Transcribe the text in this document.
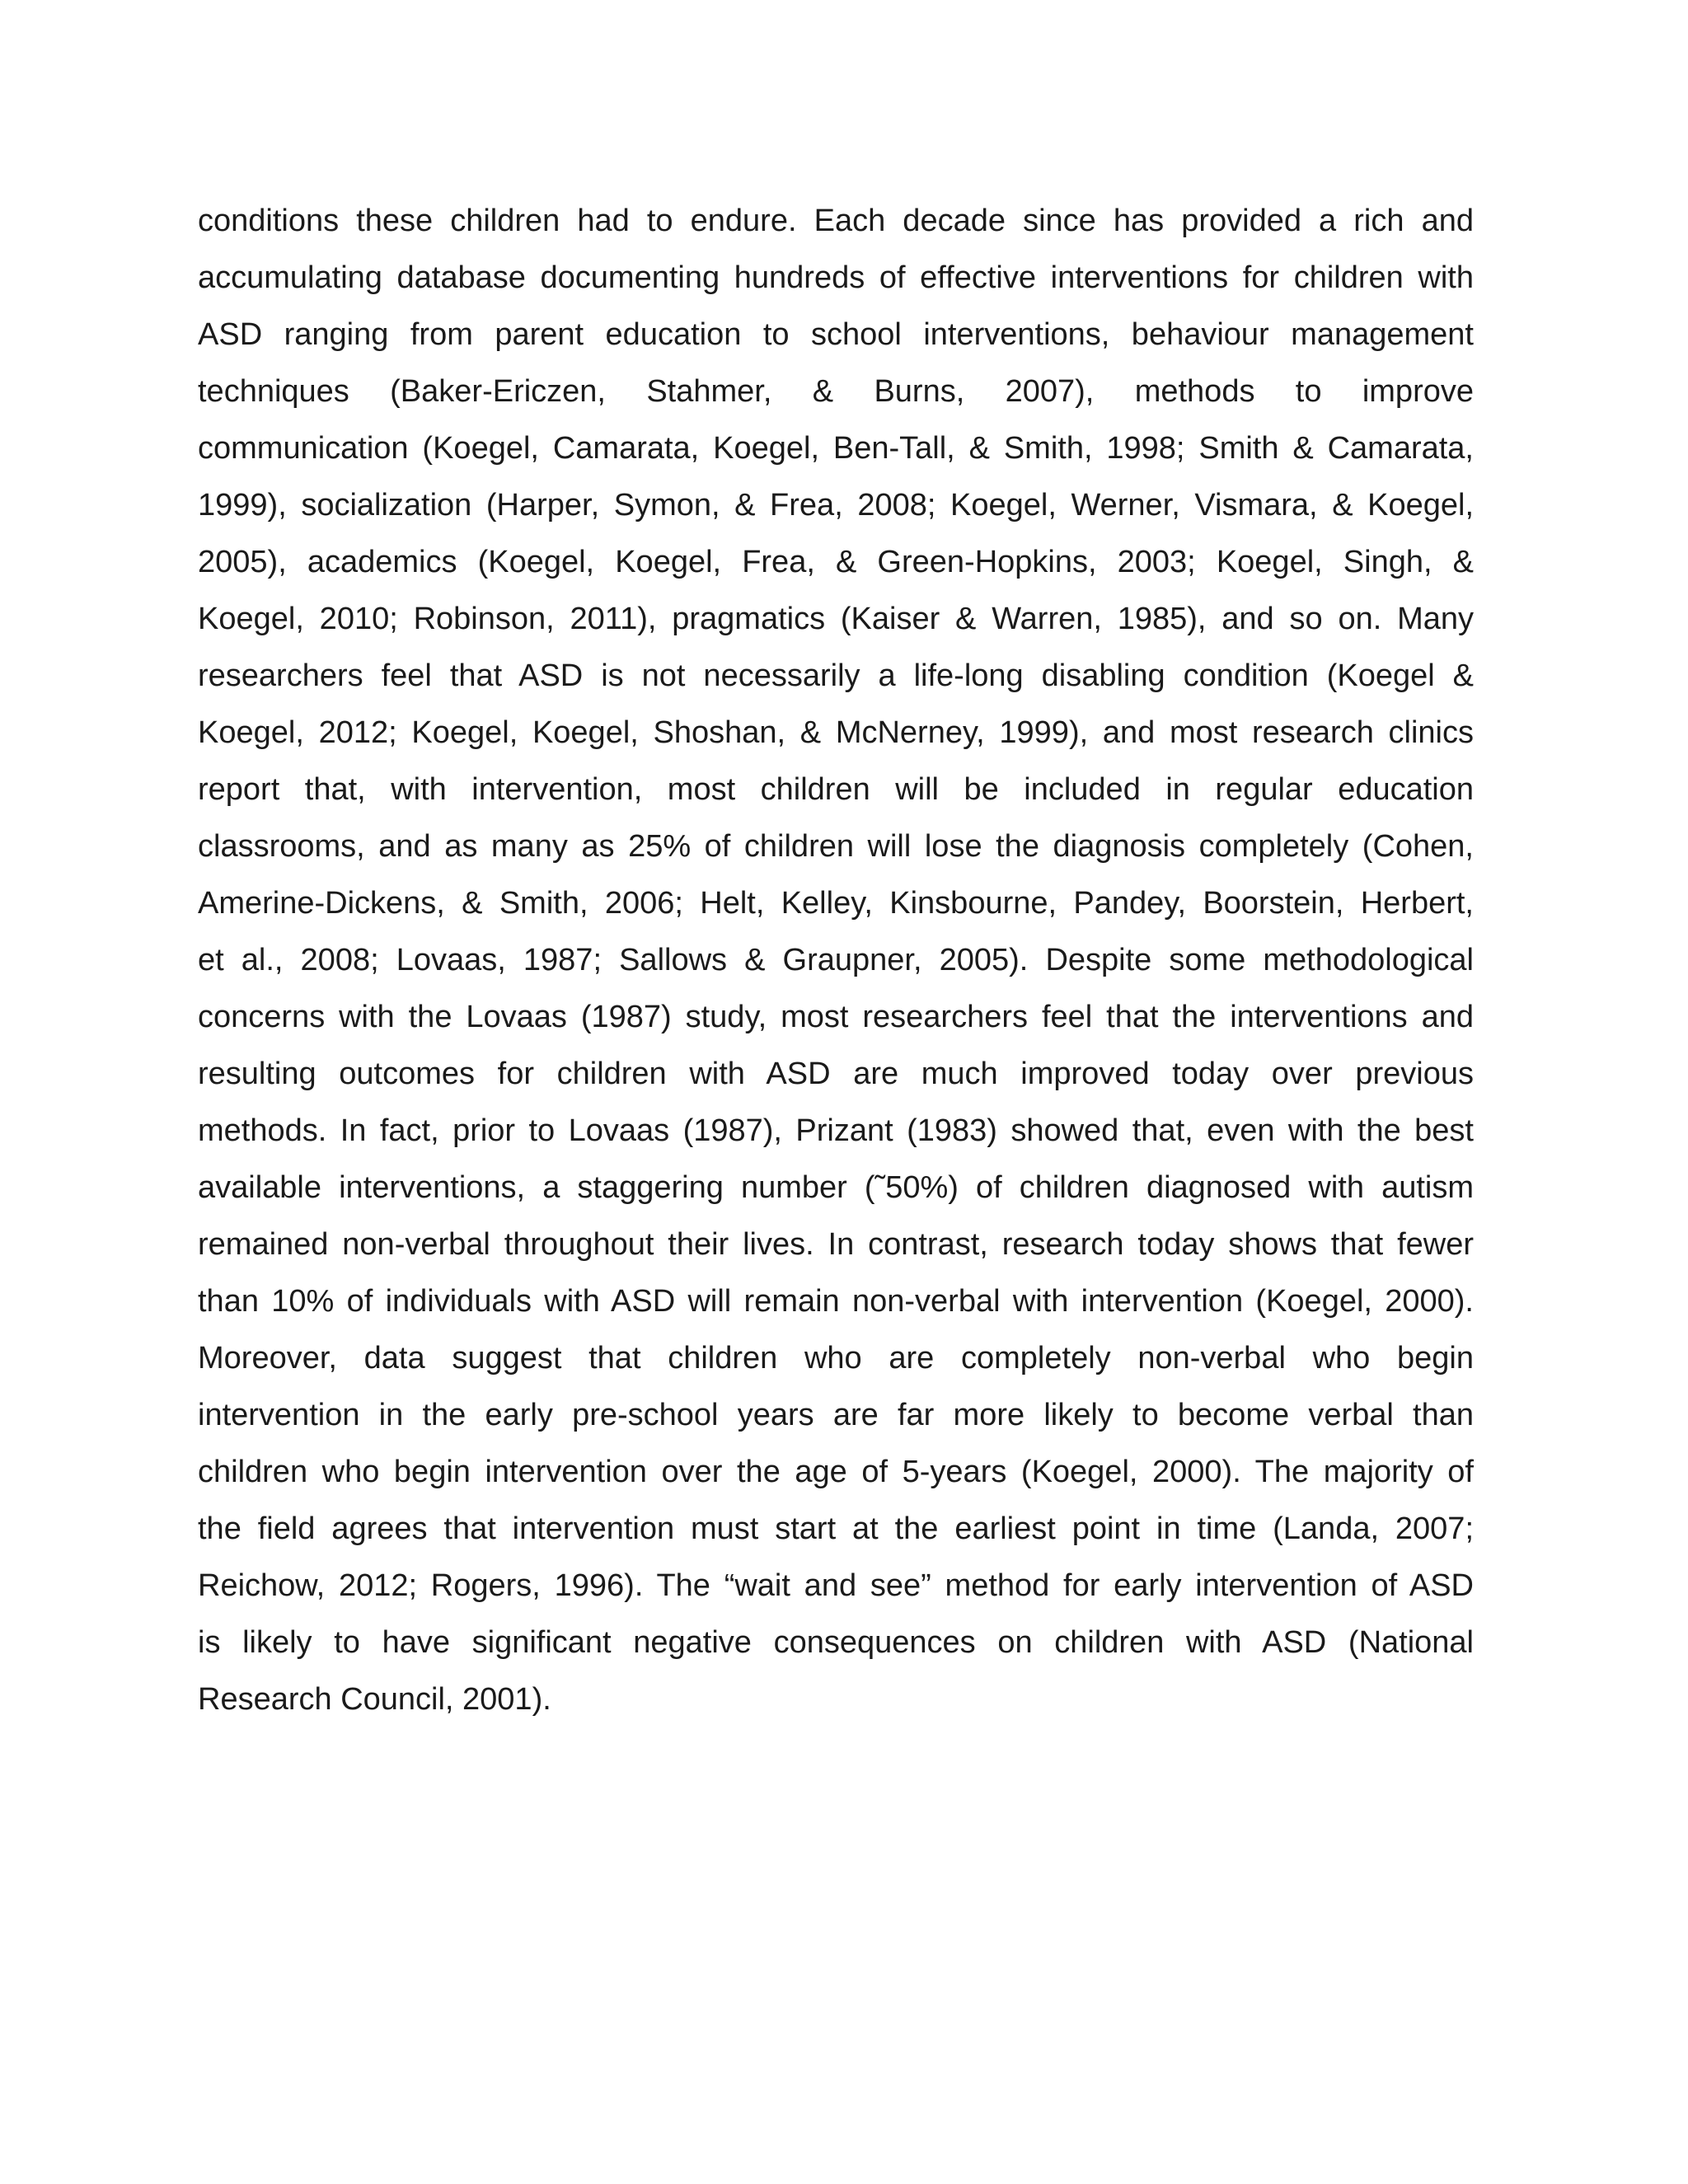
conditions these children had to endure. Each decade since has provided a rich and
accumulating database documenting hundreds of effective interventions for children with
ASD ranging from parent education to school interventions, behaviour management
techniques (Baker-Ericzen, Stahmer, & Burns, 2007), methods to improve
communication (Koegel, Camarata, Koegel, Ben-Tall, & Smith, 1998; Smith & Camarata,
1999), socialization (Harper, Symon, & Frea, 2008; Koegel, Werner, Vismara, & Koegel,
2005), academics (Koegel, Koegel, Frea, & Green-Hopkins, 2003; Koegel, Singh, &
Koegel, 2010; Robinson, 2011), pragmatics (Kaiser & Warren, 1985), and so on. Many
researchers feel that ASD is not necessarily a life-long disabling condition (Koegel &
Koegel, 2012; Koegel, Koegel, Shoshan, & McNerney, 1999), and most research clinics
report that, with intervention, most children will be included in regular education
classrooms, and as many as 25% of children will lose the diagnosis completely (Cohen,
Amerine-Dickens, & Smith, 2006; Helt, Kelley, Kinsbourne, Pandey, Boorstein, Herbert,
et al., 2008; Lovaas, 1987; Sallows & Graupner, 2005). Despite some methodological
concerns with the Lovaas (1987) study, most researchers feel that the interventions and
resulting outcomes for children with ASD are much improved today over previous
methods. In fact, prior to Lovaas (1987), Prizant (1983) showed that, even with the best
available interventions, a staggering number (˜50%) of children diagnosed with autism
remained non-verbal throughout their lives. In contrast, research today shows that fewer
than 10% of individuals with ASD will remain non-verbal with intervention (Koegel, 2000).
Moreover, data suggest that children who are completely non-verbal who begin
intervention in the early pre-school years are far more likely to become verbal than
children who begin intervention over the age of 5-years (Koegel, 2000). The majority of
the field agrees that intervention must start at the earliest point in time (Landa, 2007;
Reichow, 2012; Rogers, 1996). The “wait and see” method for early intervention of ASD
is likely to have significant negative consequences on children with ASD (National
Research Council, 2001).
